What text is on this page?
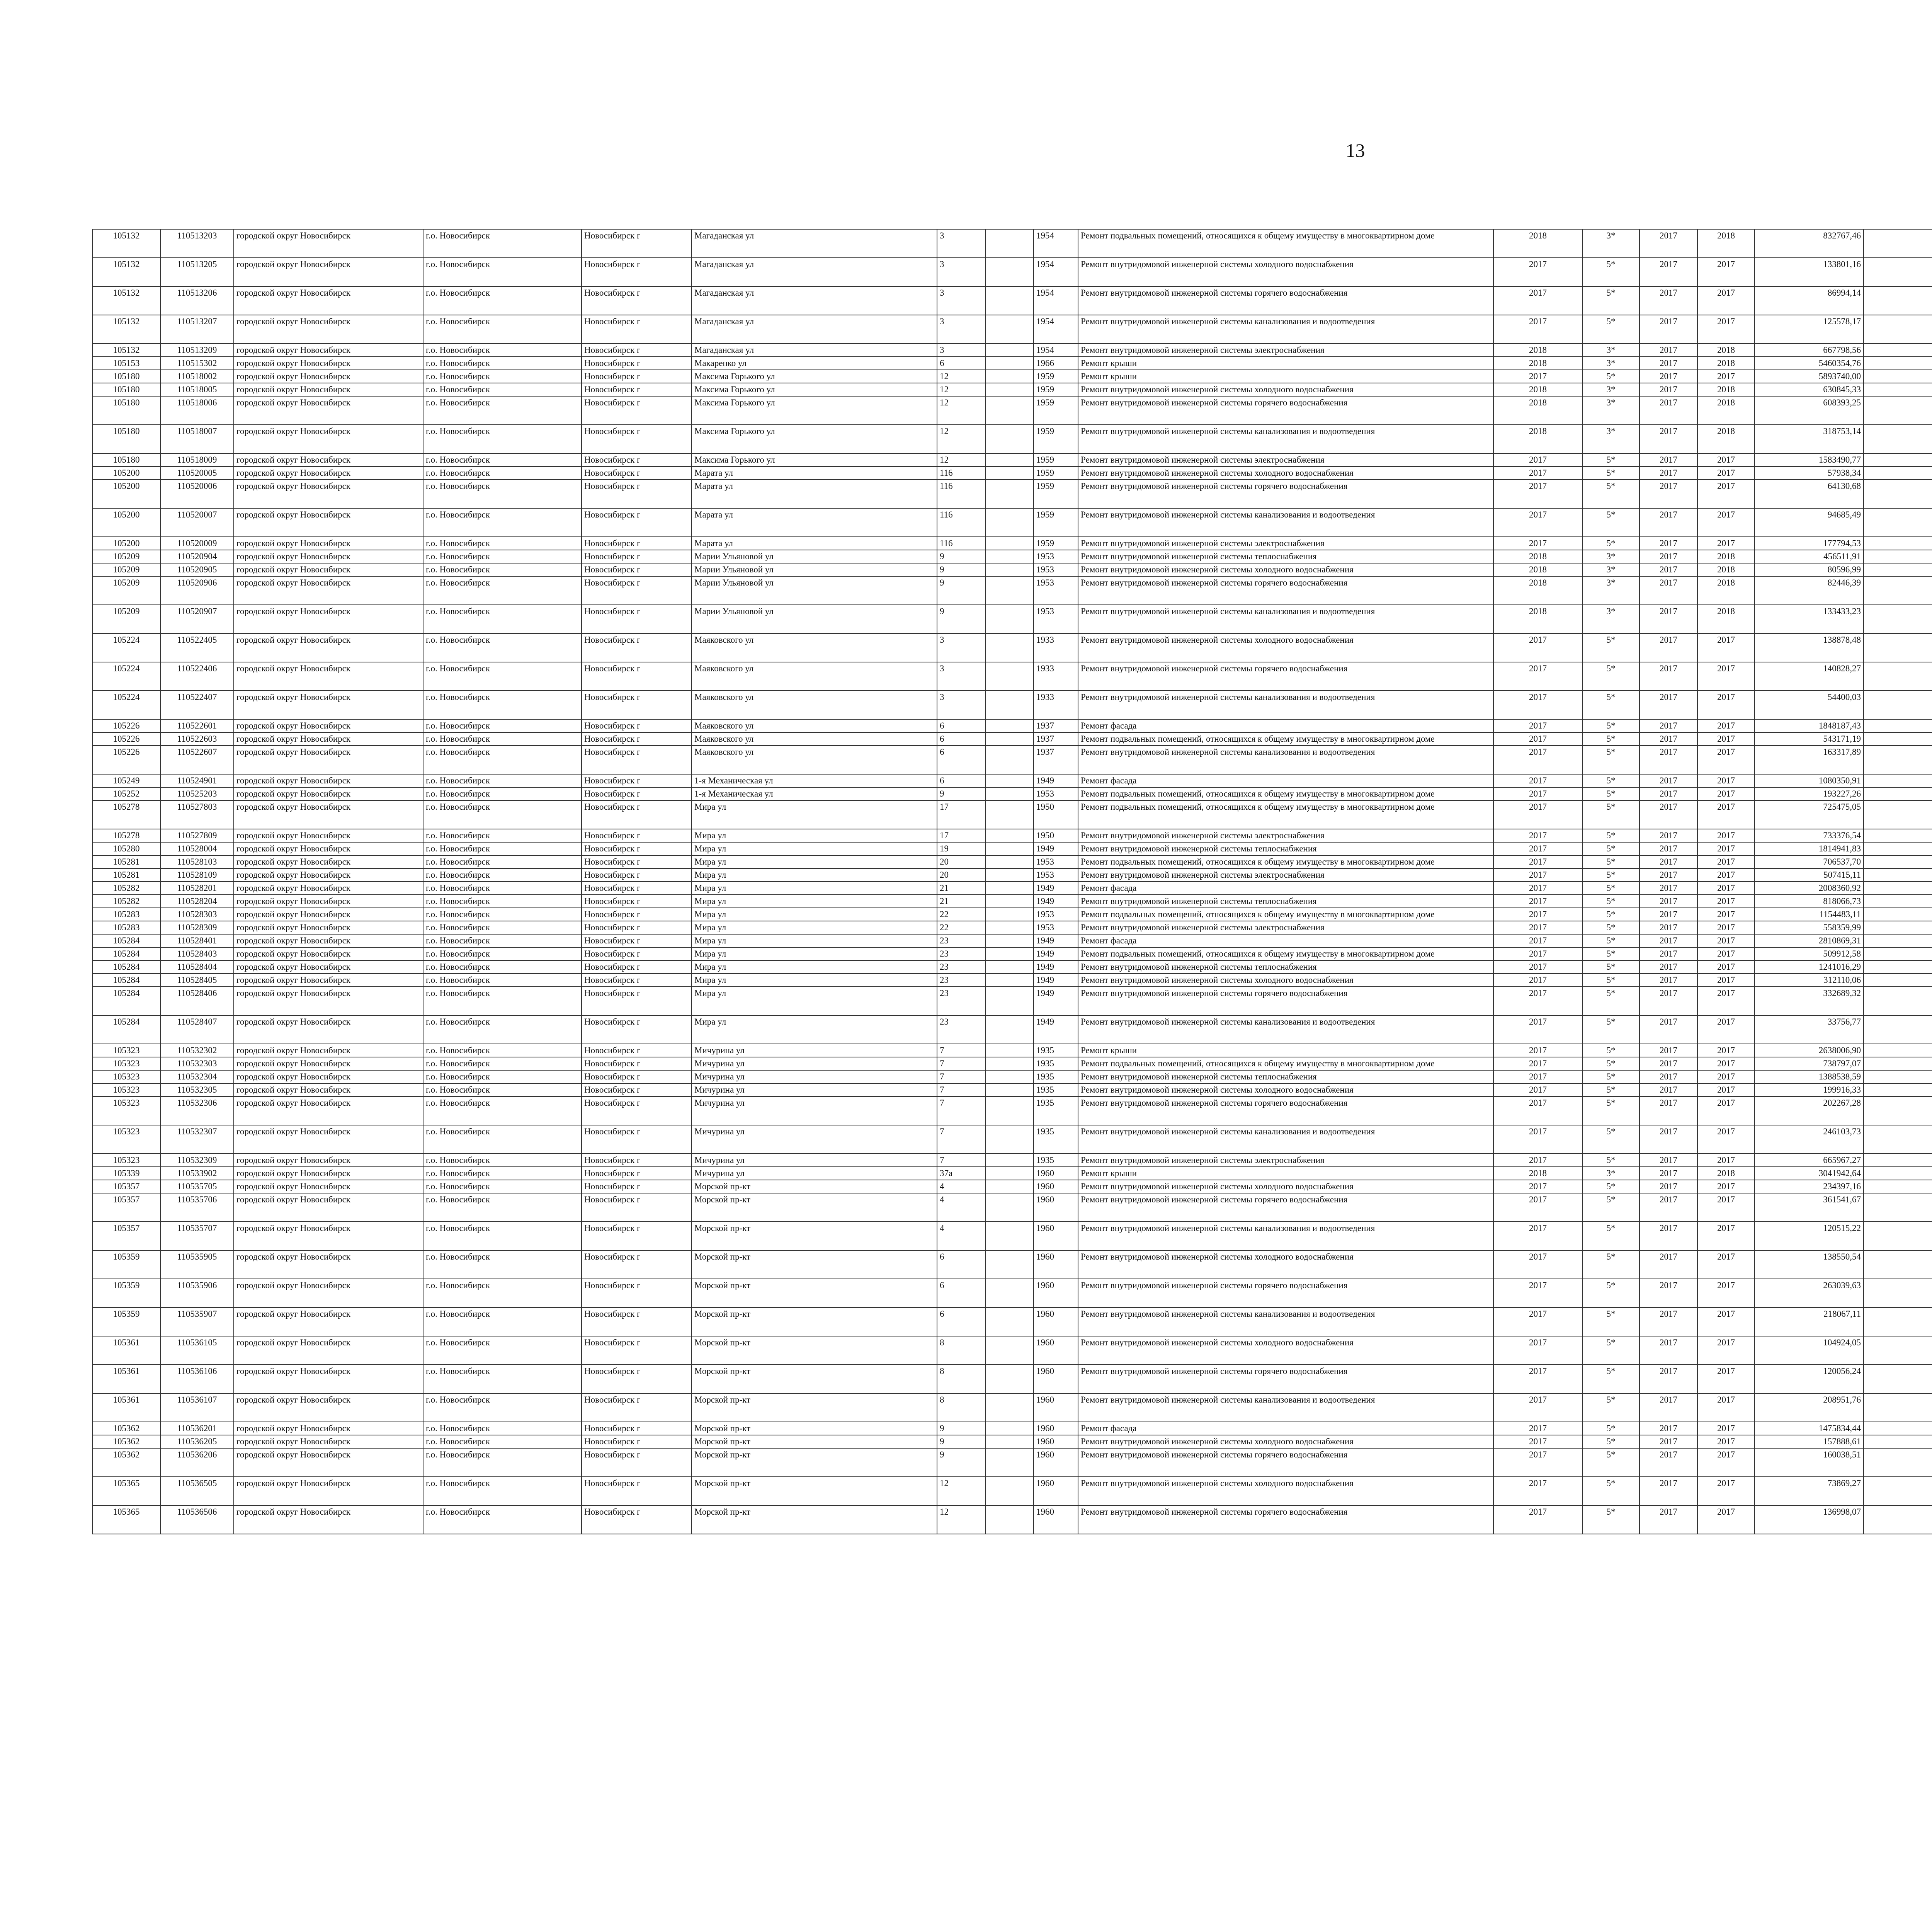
13
105132	110513203	городской округ Новосибирск	г.о. Новосибирск	Новосибирск г	Магаданская ул	3		1954	Ремонт подвальных помещений, относящихся к общему имуществу в многоквартирном доме	2018	3*	2017	2018	832767,46							
105132	110513205	городской округ Новосибирск	г.о. Новосибирск	Новосибирск г	Магаданская ул	3		1954	Ремонт внутридомовой инженерной системы холодного водоснабжения	2017	5*	2017	2017	133801,16							
105132	110513206	городской округ Новосибирск	г.о. Новосибирск	Новосибирск г	Магаданская ул	3		1954	Ремонт внутридомовой инженерной системы горячего водоснабжения	2017	5*	2017	2017	86994,14							
105132	110513207	городской округ Новосибирск	г.о. Новосибирск	Новосибирск г	Магаданская ул	3		1954	Ремонт внутридомовой инженерной системы канализования и водоотведения	2017	5*	2017	2017	125578,17							
105132	110513209	городской округ Новосибирск	г.о. Новосибирск	Новосибирск г	Магаданская ул	3		1954	Ремонт внутридомовой инженерной системы электроснабжения	2018	3*	2017	2018	667798,56							
105153	110515302	городской округ Новосибирск	г.о. Новосибирск	Новосибирск г	Макаренко ул	6		1966	Ремонт крыши	2018	3*	2017	2018	5460354,76							
105180	110518002	городской округ Новосибирск	г.о. Новосибирск	Новосибирск г	Максима Горького ул	12		1959	Ремонт крыши	2017	5*	2017	2017	5893740,00							
105180	110518005	городской округ Новосибирск	г.о. Новосибирск	Новосибирск г	Максима Горького ул	12		1959	Ремонт внутридомовой инженерной системы холодного водоснабжения	2018	3*	2017	2018	630845,33							
105180	110518006	городской округ Новосибирск	г.о. Новосибирск	Новосибирск г	Максима Горького ул	12		1959	Ремонт внутридомовой инженерной системы горячего водоснабжения	2018	3*	2017	2018	608393,25							
105180	110518007	городской округ Новосибирск	г.о. Новосибирск	Новосибирск г	Максима Горького ул	12		1959	Ремонт внутридомовой инженерной системы канализования и водоотведения	2018	3*	2017	2018	318753,14							
105180	110518009	городской округ Новосибирск	г.о. Новосибирск	Новосибирск г	Максима Горького ул	12		1959	Ремонт внутридомовой инженерной системы электроснабжения	2017	5*	2017	2017	1583490,77							
105200	110520005	городской округ Новосибирск	г.о. Новосибирск	Новосибирск г	Марата ул	116		1959	Ремонт внутридомовой инженерной системы холодного водоснабжения	2017	5*	2017	2017	57938,34							
105200	110520006	городской округ Новосибирск	г.о. Новосибирск	Новосибирск г	Марата ул	116		1959	Ремонт внутридомовой инженерной системы горячего водоснабжения	2017	5*	2017	2017	64130,68							
105200	110520007	городской округ Новосибирск	г.о. Новосибирск	Новосибирск г	Марата ул	116		1959	Ремонт внутридомовой инженерной системы канализования и водоотведения	2017	5*	2017	2017	94685,49							
105200	110520009	городской округ Новосибирск	г.о. Новосибирск	Новосибирск г	Марата ул	116		1959	Ремонт внутридомовой инженерной системы электроснабжения	2017	5*	2017	2017	177794,53							
105209	110520904	городской округ Новосибирск	г.о. Новосибирск	Новосибирск г	Марии Ульяновой ул	9		1953	Ремонт внутридомовой инженерной системы теплоснабжения	2018	3*	2017	2018	456511,91							
105209	110520905	городской округ Новосибирск	г.о. Новосибирск	Новосибирск г	Марии Ульяновой ул	9		1953	Ремонт внутридомовой инженерной системы холодного водоснабжения	2018	3*	2017	2018	80596,99							
105209	110520906	городской округ Новосибирск	г.о. Новосибирск	Новосибирск г	Марии Ульяновой ул	9		1953	Ремонт внутридомовой инженерной системы горячего водоснабжения	2018	3*	2017	2018	82446,39							
105209	110520907	городской округ Новосибирск	г.о. Новосибирск	Новосибирск г	Марии Ульяновой ул	9		1953	Ремонт внутридомовой инженерной системы канализования и водоотведения	2018	3*	2017	2018	133433,23							
105224	110522405	городской округ Новосибирск	г.о. Новосибирск	Новосибирск г	Маяковского ул	3		1933	Ремонт внутридомовой инженерной системы холодного водоснабжения	2017	5*	2017	2017	138878,48							
105224	110522406	городской округ Новосибирск	г.о. Новосибирск	Новосибирск г	Маяковского ул	3		1933	Ремонт внутридомовой инженерной системы горячего водоснабжения	2017	5*	2017	2017	140828,27							
105224	110522407	городской округ Новосибирск	г.о. Новосибирск	Новосибирск г	Маяковского ул	3		1933	Ремонт внутридомовой инженерной системы канализования и водоотведения	2017	5*	2017	2017	54400,03							
105226	110522601	городской округ Новосибирск	г.о. Новосибирск	Новосибирск г	Маяковского ул	6		1937	Ремонт фасада	2017	5*	2017	2017	1848187,43							
105226	110522603	городской округ Новосибирск	г.о. Новосибирск	Новосибирск г	Маяковского ул	6		1937	Ремонт подвальных помещений, относящихся к общему имуществу в многоквартирном доме	2017	5*	2017	2017	543171,19							
105226	110522607	городской округ Новосибирск	г.о. Новосибирск	Новосибирск г	Маяковского ул	6		1937	Ремонт внутридомовой инженерной системы канализования и водоотведения	2017	5*	2017	2017	163317,89							
105249	110524901	городской округ Новосибирск	г.о. Новосибирск	Новосибирск г	1-я Механическая ул	6		1949	Ремонт фасада	2017	5*	2017	2017	1080350,91							
105252	110525203	городской округ Новосибирск	г.о. Новосибирск	Новосибирск г	1-я Механическая ул	9		1953	Ремонт подвальных помещений, относящихся к общему имуществу в многоквартирном доме	2017	5*	2017	2017	193227,26							
105278	110527803	городской округ Новосибирск	г.о. Новосибирск	Новосибирск г	Мира ул	17		1950	Ремонт подвальных помещений, относящихся к общему имуществу в многоквартирном доме	2017	5*	2017	2017	725475,05							
105278	110527809	городской округ Новосибирск	г.о. Новосибирск	Новосибирск г	Мира ул	17		1950	Ремонт внутридомовой инженерной системы электроснабжения	2017	5*	2017	2017	733376,54							
105280	110528004	городской округ Новосибирск	г.о. Новосибирск	Новосибирск г	Мира ул	19		1949	Ремонт внутридомовой инженерной системы теплоснабжения	2017	5*	2017	2017	1814941,83							
105281	110528103	городской округ Новосибирск	г.о. Новосибирск	Новосибирск г	Мира ул	20		1953	Ремонт подвальных помещений, относящихся к общему имуществу в многоквартирном доме	2017	5*	2017	2017	706537,70							
105281	110528109	городской округ Новосибирск	г.о. Новосибирск	Новосибирск г	Мира ул	20		1953	Ремонт внутридомовой инженерной системы электроснабжения	2017	5*	2017	2017	507415,11							
105282	110528201	городской округ Новосибирск	г.о. Новосибирск	Новосибирск г	Мира ул	21		1949	Ремонт фасада	2017	5*	2017	2017	2008360,92							
105282	110528204	городской округ Новосибирск	г.о. Новосибирск	Новосибирск г	Мира ул	21		1949	Ремонт внутридомовой инженерной системы теплоснабжения	2017	5*	2017	2017	818066,73							
105283	110528303	городской округ Новосибирск	г.о. Новосибирск	Новосибирск г	Мира ул	22		1953	Ремонт подвальных помещений, относящихся к общему имуществу в многоквартирном доме	2017	5*	2017	2017	1154483,11							
105283	110528309	городской округ Новосибирск	г.о. Новосибирск	Новосибирск г	Мира ул	22		1953	Ремонт внутридомовой инженерной системы электроснабжения	2017	5*	2017	2017	558359,99							
105284	110528401	городской округ Новосибирск	г.о. Новосибирск	Новосибирск г	Мира ул	23		1949	Ремонт фасада	2017	5*	2017	2017	2810869,31							
105284	110528403	городской округ Новосибирск	г.о. Новосибирск	Новосибирск г	Мира ул	23		1949	Ремонт подвальных помещений, относящихся к общему имуществу в многоквартирном доме	2017	5*	2017	2017	509912,58							
105284	110528404	городской округ Новосибирск	г.о. Новосибирск	Новосибирск г	Мира ул	23		1949	Ремонт внутридомовой инженерной системы теплоснабжения	2017	5*	2017	2017	1241016,29							
105284	110528405	городской округ Новосибирск	г.о. Новосибирск	Новосибирск г	Мира ул	23		1949	Ремонт внутридомовой инженерной системы холодного водоснабжения	2017	5*	2017	2017	312110,06							
105284	110528406	городской округ Новосибирск	г.о. Новосибирск	Новосибирск г	Мира ул	23		1949	Ремонт внутридомовой инженерной системы горячего водоснабжения	2017	5*	2017	2017	332689,32							
105284	110528407	городской округ Новосибирск	г.о. Новосибирск	Новосибирск г	Мира ул	23		1949	Ремонт внутридомовой инженерной системы канализования и водоотведения	2017	5*	2017	2017	33756,77							
105323	110532302	городской округ Новосибирск	г.о. Новосибирск	Новосибирск г	Мичурина ул	7		1935	Ремонт крыши	2017	5*	2017	2017	2638006,90							
105323	110532303	городской округ Новосибирск	г.о. Новосибирск	Новосибирск г	Мичурина ул	7		1935	Ремонт подвальных помещений, относящихся к общему имуществу в многоквартирном доме	2017	5*	2017	2017	738797,07							
105323	110532304	городской округ Новосибирск	г.о. Новосибирск	Новосибирск г	Мичурина ул	7		1935	Ремонт внутридомовой инженерной системы теплоснабжения	2017	5*	2017	2017	1388538,59							
105323	110532305	городской округ Новосибирск	г.о. Новосибирск	Новосибирск г	Мичурина ул	7		1935	Ремонт внутридомовой инженерной системы холодного водоснабжения	2017	5*	2017	2017	199916,33							
105323	110532306	городской округ Новосибирск	г.о. Новосибирск	Новосибирск г	Мичурина ул	7		1935	Ремонт внутридомовой инженерной системы горячего водоснабжения	2017	5*	2017	2017	202267,28							
105323	110532307	городской округ Новосибирск	г.о. Новосибирск	Новосибирск г	Мичурина ул	7		1935	Ремонт внутридомовой инженерной системы канализования и водоотведения	2017	5*	2017	2017	246103,73							
105323	110532309	городской округ Новосибирск	г.о. Новосибирск	Новосибирск г	Мичурина ул	7		1935	Ремонт внутридомовой инженерной системы электроснабжения	2017	5*	2017	2017	665967,27							
105339	110533902	городской округ Новосибирск	г.о. Новосибирск	Новосибирск г	Мичурина ул	37а		1960	Ремонт крыши	2018	3*	2017	2018	3041942,64							
105357	110535705	городской округ Новосибирск	г.о. Новосибирск	Новосибирск г	Морской пр-кт	4		1960	Ремонт внутридомовой инженерной системы холодного водоснабжения	2017	5*	2017	2017	234397,16							
105357	110535706	городской округ Новосибирск	г.о. Новосибирск	Новосибирск г	Морской пр-кт	4		1960	Ремонт внутридомовой инженерной системы горячего водоснабжения	2017	5*	2017	2017	361541,67							
105357	110535707	городской округ Новосибирск	г.о. Новосибирск	Новосибирск г	Морской пр-кт	4		1960	Ремонт внутридомовой инженерной системы канализования и водоотведения	2017	5*	2017	2017	120515,22							
105359	110535905	городской округ Новосибирск	г.о. Новосибирск	Новосибирск г	Морской пр-кт	6		1960	Ремонт внутридомовой инженерной системы холодного водоснабжения	2017	5*	2017	2017	138550,54							
105359	110535906	городской округ Новосибирск	г.о. Новосибирск	Новосибирск г	Морской пр-кт	6		1960	Ремонт внутридомовой инженерной системы горячего водоснабжения	2017	5*	2017	2017	263039,63							
105359	110535907	городской округ Новосибирск	г.о. Новосибирск	Новосибирск г	Морской пр-кт	6		1960	Ремонт внутридомовой инженерной системы канализования и водоотведения	2017	5*	2017	2017	218067,11							
105361	110536105	городской округ Новосибирск	г.о. Новосибирск	Новосибирск г	Морской пр-кт	8		1960	Ремонт внутридомовой инженерной системы холодного водоснабжения	2017	5*	2017	2017	104924,05							
105361	110536106	городской округ Новосибирск	г.о. Новосибирск	Новосибирск г	Морской пр-кт	8		1960	Ремонт внутридомовой инженерной системы горячего водоснабжения	2017	5*	2017	2017	120056,24							
105361	110536107	городской округ Новосибирск	г.о. Новосибирск	Новосибирск г	Морской пр-кт	8		1960	Ремонт внутридомовой инженерной системы канализования и водоотведения	2017	5*	2017	2017	208951,76							
105362	110536201	городской округ Новосибирск	г.о. Новосибирск	Новосибирск г	Морской пр-кт	9		1960	Ремонт фасада	2017	5*	2017	2017	1475834,44							
105362	110536205	городской округ Новосибирск	г.о. Новосибирск	Новосибирск г	Морской пр-кт	9		1960	Ремонт внутридомовой инженерной системы холодного водоснабжения	2017	5*	2017	2017	157888,61							
105362	110536206	городской округ Новосибирск	г.о. Новосибирск	Новосибирск г	Морской пр-кт	9		1960	Ремонт внутридомовой инженерной системы горячего водоснабжения	2017	5*	2017	2017	160038,51							
105365	110536505	городской округ Новосибирск	г.о. Новосибирск	Новосибирск г	Морской пр-кт	12		1960	Ремонт внутридомовой инженерной системы холодного водоснабжения	2017	5*	2017	2017	73869,27							
105365	110536506	городской округ Новосибирск	г.о. Новосибирск	Новосибирск г	Морской пр-кт	12		1960	Ремонт внутридомовой инженерной системы горячего водоснабжения	2017	5*	2017	2017	136998,07							
